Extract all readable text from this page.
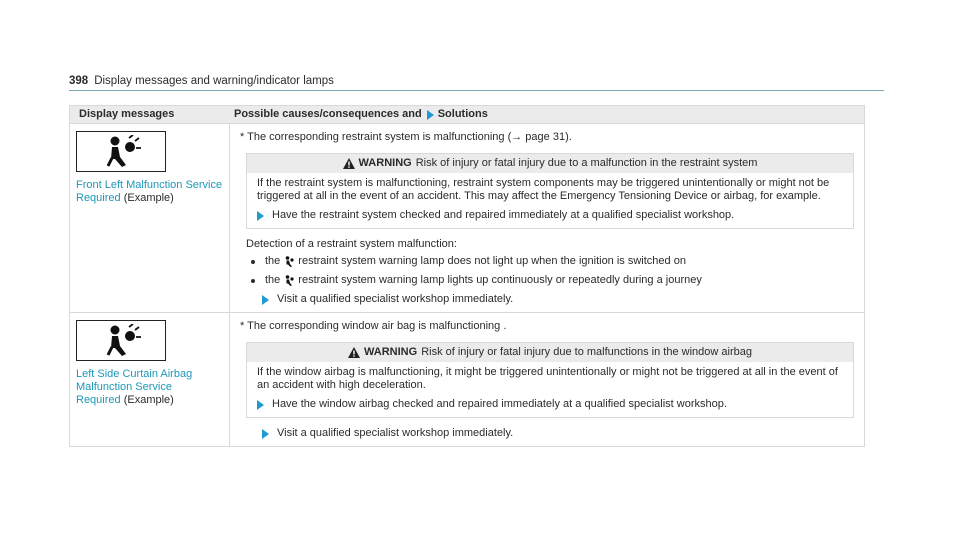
398 Display messages and warning/indicator lamps
Display messages	Possible causes/consequences and Solutions
Front Left Malfunction Service Required (Example)
* The corresponding restraint system is malfunctioning (→ page 31).
WARNING Risk of injury or fatal injury due to a malfunction in the restraint system

If the restraint system is malfunctioning, restraint system components may be triggered unintentionally or might not be triggered at all in the event of an accident. This may affect the Emergency Tensioning Device or airbag, for example.

Have the restraint system checked and repaired immediately at a qualified specialist workshop.
Detection of a restraint system malfunction:
the restraint system warning lamp does not light up when the ignition is switched on
the restraint system warning lamp lights up continuously or repeatedly during a journey
Visit a qualified specialist workshop immediately.
Left Side Curtain Airbag Malfunction Service Required (Example)
* The corresponding window air bag is malfunctioning .
WARNING Risk of injury or fatal injury due to malfunctions in the window airbag

If the window airbag is malfunctioning, it might be triggered unintentionally or might not be triggered at all in the event of an accident with high deceleration.

Have the window airbag checked and repaired immediately at a qualified specialist workshop.
Visit a qualified specialist workshop immediately.
